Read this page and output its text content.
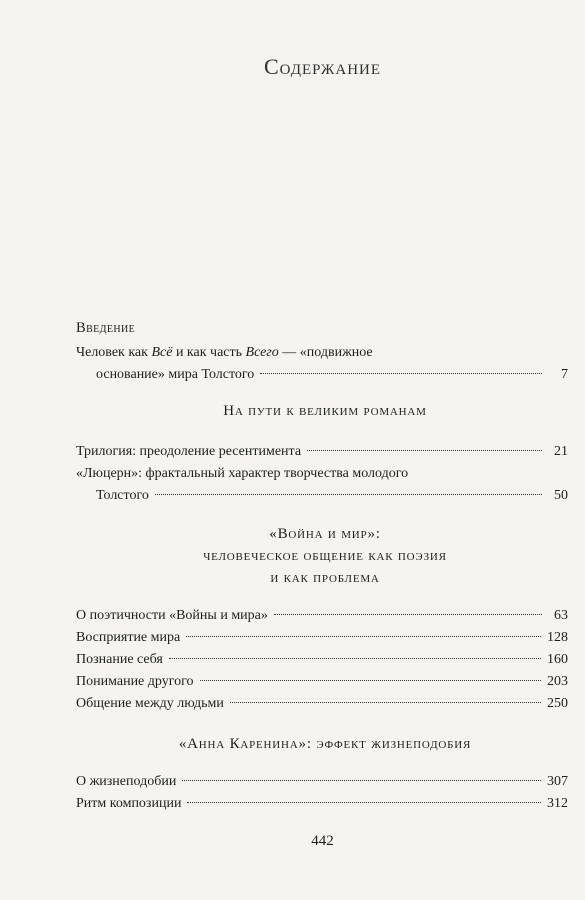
Содержание
Введение
Человек как Всё и как часть Всего — «подвижное
основание» мира Толстого	7
На пути к великим романам
Трилогия: преодоление ресентимента	21
«Люцерн»: фрактальный характер творчества молодого
Толстого	50
«Война и мир»:
человеческое общение как поэзия
и как проблема
О поэтичности «Войны и мира»	63
Восприятие мира	128
Познание себя	160
Понимание другого	203
Общение между людьми	250
«Анна Каренина»: эффект жизнеподобия
О жизнеподобии	307
Ритм композиции	312
442
